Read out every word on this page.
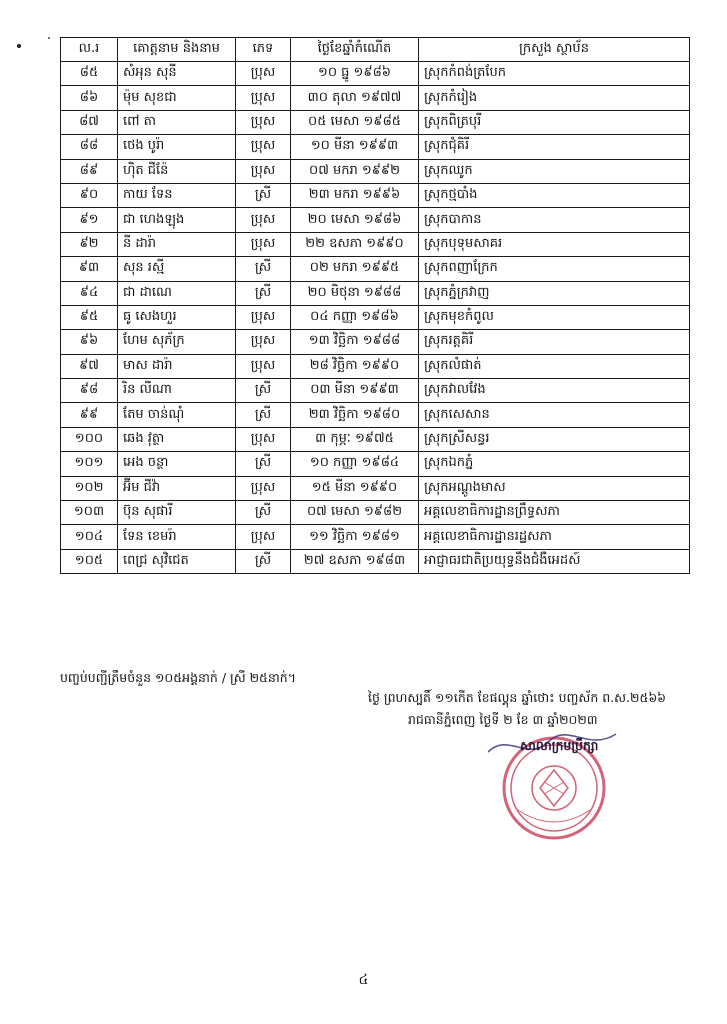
ល.រ	គោត្តនាម និងនាម	ភេទ	ថ្ងៃខែឆ្នាំកំណើត	ក្រសួង ស្ថាប័ន
៨៥	សំអុន សុនី	ប្រុស	១០ ធ្នូ ១៩៨៦	ស្រុកកំពង់ត្របែក
៨៦	ម៉ុម សុខជា	ប្រុស	៣០ តុលា ១៩៧៧	ស្រុកកំរៀង
៨៧	ពៅ តា	ប្រុស	០៥ មេសា ១៩៨៥	ស្រុកពិត្របុរី
៨៨	ថេង បូរ៉ា	ប្រុស	១០ មីនា ១៩៩៣	ស្រុកជុំគិរី
៨៩	ហ៊ិត ជីន៉ែ	ប្រុស	០៧ មករា ១៩៩២	ស្រុកឈូក
៩០	កាយ ទែន	ស្រី	២៣ មករា ១៩៩៦	ស្រុកថ្មបាំង
៩១	ជា ហេងឡុង	ប្រុស	២០ មេសា ១៩៨៦	ស្រុកបាកាន
៩២	នី ដារ៉ា	ប្រុស	២២ ឧសភា ១៩៩០	ស្រុកបុទុមសាគរ
៩៣	សុន រស្មី	ស្រី	០២ មករា ១៩៩៥	ស្រុកពញាក្រែក
៩៤	ជា ដាណេ	ស្រី	២០ មិថុនា ១៩៨៨	ស្រុកភ្នំក្រវាញ
៩៥	ធូ សេងហួរ	ប្រុស	០៤ កញ្ញា ១៩៨៦	ស្រុកមុខកំពូល
៩៦	ហែម សុភ័ក្រ	ប្រុស	១៣ វិច្ឆិកា ១៩៨៨	ស្រុករត្តគិរី
៩៧	មាស ដារ៉ា	ប្រុស	២៨ វិច្ឆិកា ១៩៩០	ស្រុកលំផាត់
៩៨	រិន លីណា	ស្រី	០៣ មីនា ១៩៩៣	ស្រុកវាលវែង
៩៩	តែម ចាន់ណុំ	ស្រី	២៣ វិច្ឆិកា ១៩៨០	ស្រុកសេសាន
១០០	ឆេង វុត្ថា	ប្រុស	៣ កុម្ភៈ ១៩៧៥	ស្រុកស្រីសន្ធរ
១០១	អេង ចន្ថា	ស្រី	១០ កញ្ញា ១៩៨៤	ស្រុកឯកភ្នំ
១០២	អ៊ីម ជីវ៉ា	ប្រុស	១៥ មីនា ១៩៩០	ស្រុកអណ្តូងមាស
១០៣	ប៊ុន សុផារី	ស្រី	០៧ មេសា ១៩៨២	អគ្គលេខាធិការដ្ឋានព្រឹទ្ធសភា
១០៤	ទែន ខេមរ៉ា	ប្រុស	១១ វិច្ឆិកា ១៩៨១	អគ្គលេខាធិការដ្ឋានរដ្ឋសភា
១០៥	ពេជ្រ សុវិជេត	ស្រី	២៧ ឧសភា ១៩៨៣	អាជ្ញាធរជាតិប្រយុទ្ធនឹងជំងឺអេដស៍
បញ្ចប់បញ្ជីត្រឹមចំនួន ១០៥អង្គនាក់ / ស្រី ២៥នាក់។
ថ្ងៃ ព្រហស្បតិ៍ ១១កើត ខែផល្គុន ឆ្នាំថោះ បញ្ចស័ក ព.ស.២៥៦៦
រាជធានីភ្នំពេញ ថ្ងៃទី ២ ខែ ៣ ឆ្នាំ២០២៣
សាលាក្រមប្រឹក្សា
៤
